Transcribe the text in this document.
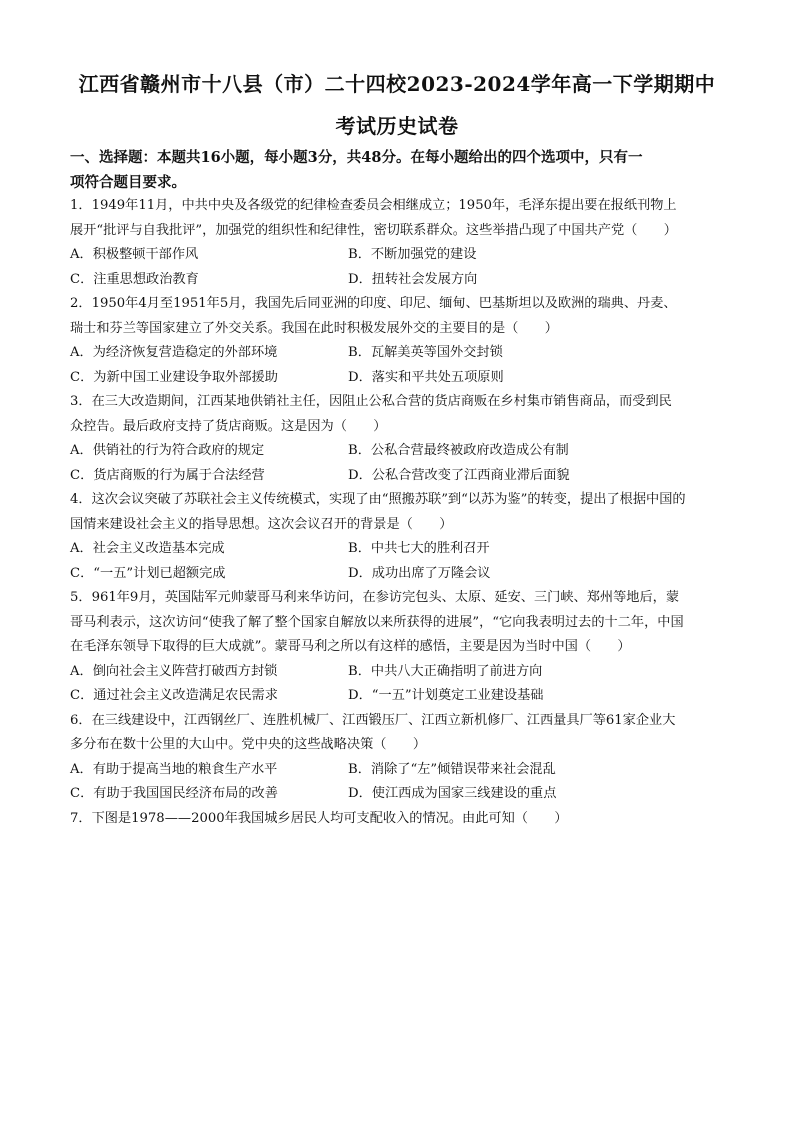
江西省赣州市十八县（市）二十四校2023-2024学年高一下学期期中
考试历史试卷
一、选择题：本题共16小题，每小题3分，共48分。在每小题给出的四个选项中，只有一
项符合题目要求。
1．1949年11月，中共中央及各级党的纪律检查委员会相继成立；1950年，毛泽东提出要在报纸刊物上
展开“批评与自我批评”，加强党的组织性和纪律性，密切联系群众。这些举措凸现了中国共产党（　　）
A．积极整顿干部作风	B．不断加强党的建设
C．注重思想政治教育	D．扭转社会发展方向
2．1950年4月至1951年5月，我国先后同亚洲的印度、印尼、缅甸、巴基斯坦以及欧洲的瑞典、丹麦、
瑞士和芬兰等国家建立了外交关系。我国在此时积极发展外交的主要目的是（　　）
A．为经济恢复营造稳定的外部环境	B．瓦解美英等国外交封锁
C．为新中国工业建设争取外部援助	D．落实和平共处五项原则
3．在三大改造期间，江西某地供销社主任，因阻止公私合营的货店商贩在乡村集市销售商品，而受到民
众控告。最后政府支持了货店商贩。这是因为（　　）
A．供销社的行为符合政府的规定	B．公私合营最终被政府改造成公有制
C．货店商贩的行为属于合法经营	D．公私合营改变了江西商业滞后面貌
4．这次会议突破了苏联社会主义传统模式，实现了由“照搬苏联”到“以苏为鉴”的转变，提出了根据中国的
国情来建设社会主义的指导思想。这次会议召开的背景是（　　）
A．社会主义改造基本完成	B．中共七大的胜利召开
C．“一五”计划已超额完成	D．成功出席了万隆会议
5．961年9月，英国陆军元帅蒙哥马利来华访问，在参访完包头、太原、延安、三门峡、郑州等地后，蒙
哥马利表示，这次访问“使我了解了整个国家自解放以来所获得的进展”，“它向我表明过去的十二年，中国
在毛泽东领导下取得的巨大成就”。蒙哥马利之所以有这样的感悟，主要是因为当时中国（　　）
A．倒向社会主义阵营打破西方封锁	B．中共八大正确指明了前进方向
C．通过社会主义改造满足农民需求	D．“一五”计划奠定工业建设基础
6．在三线建设中，江西钢丝厂、连胜机械厂、江西锻压厂、江西立新机修厂、江西量具厂等61家企业大
多分布在数十公里的大山中。党中央的这些战略决策（　　）
A．有助于提高当地的粮食生产水平	B．消除了“左”倾错误带来社会混乱
C．有助于我国国民经济布局的改善	D．使江西成为国家三线建设的重点
7．下图是1978——2000年我国城乡居民人均可支配收入的情况。由此可知（　　）
